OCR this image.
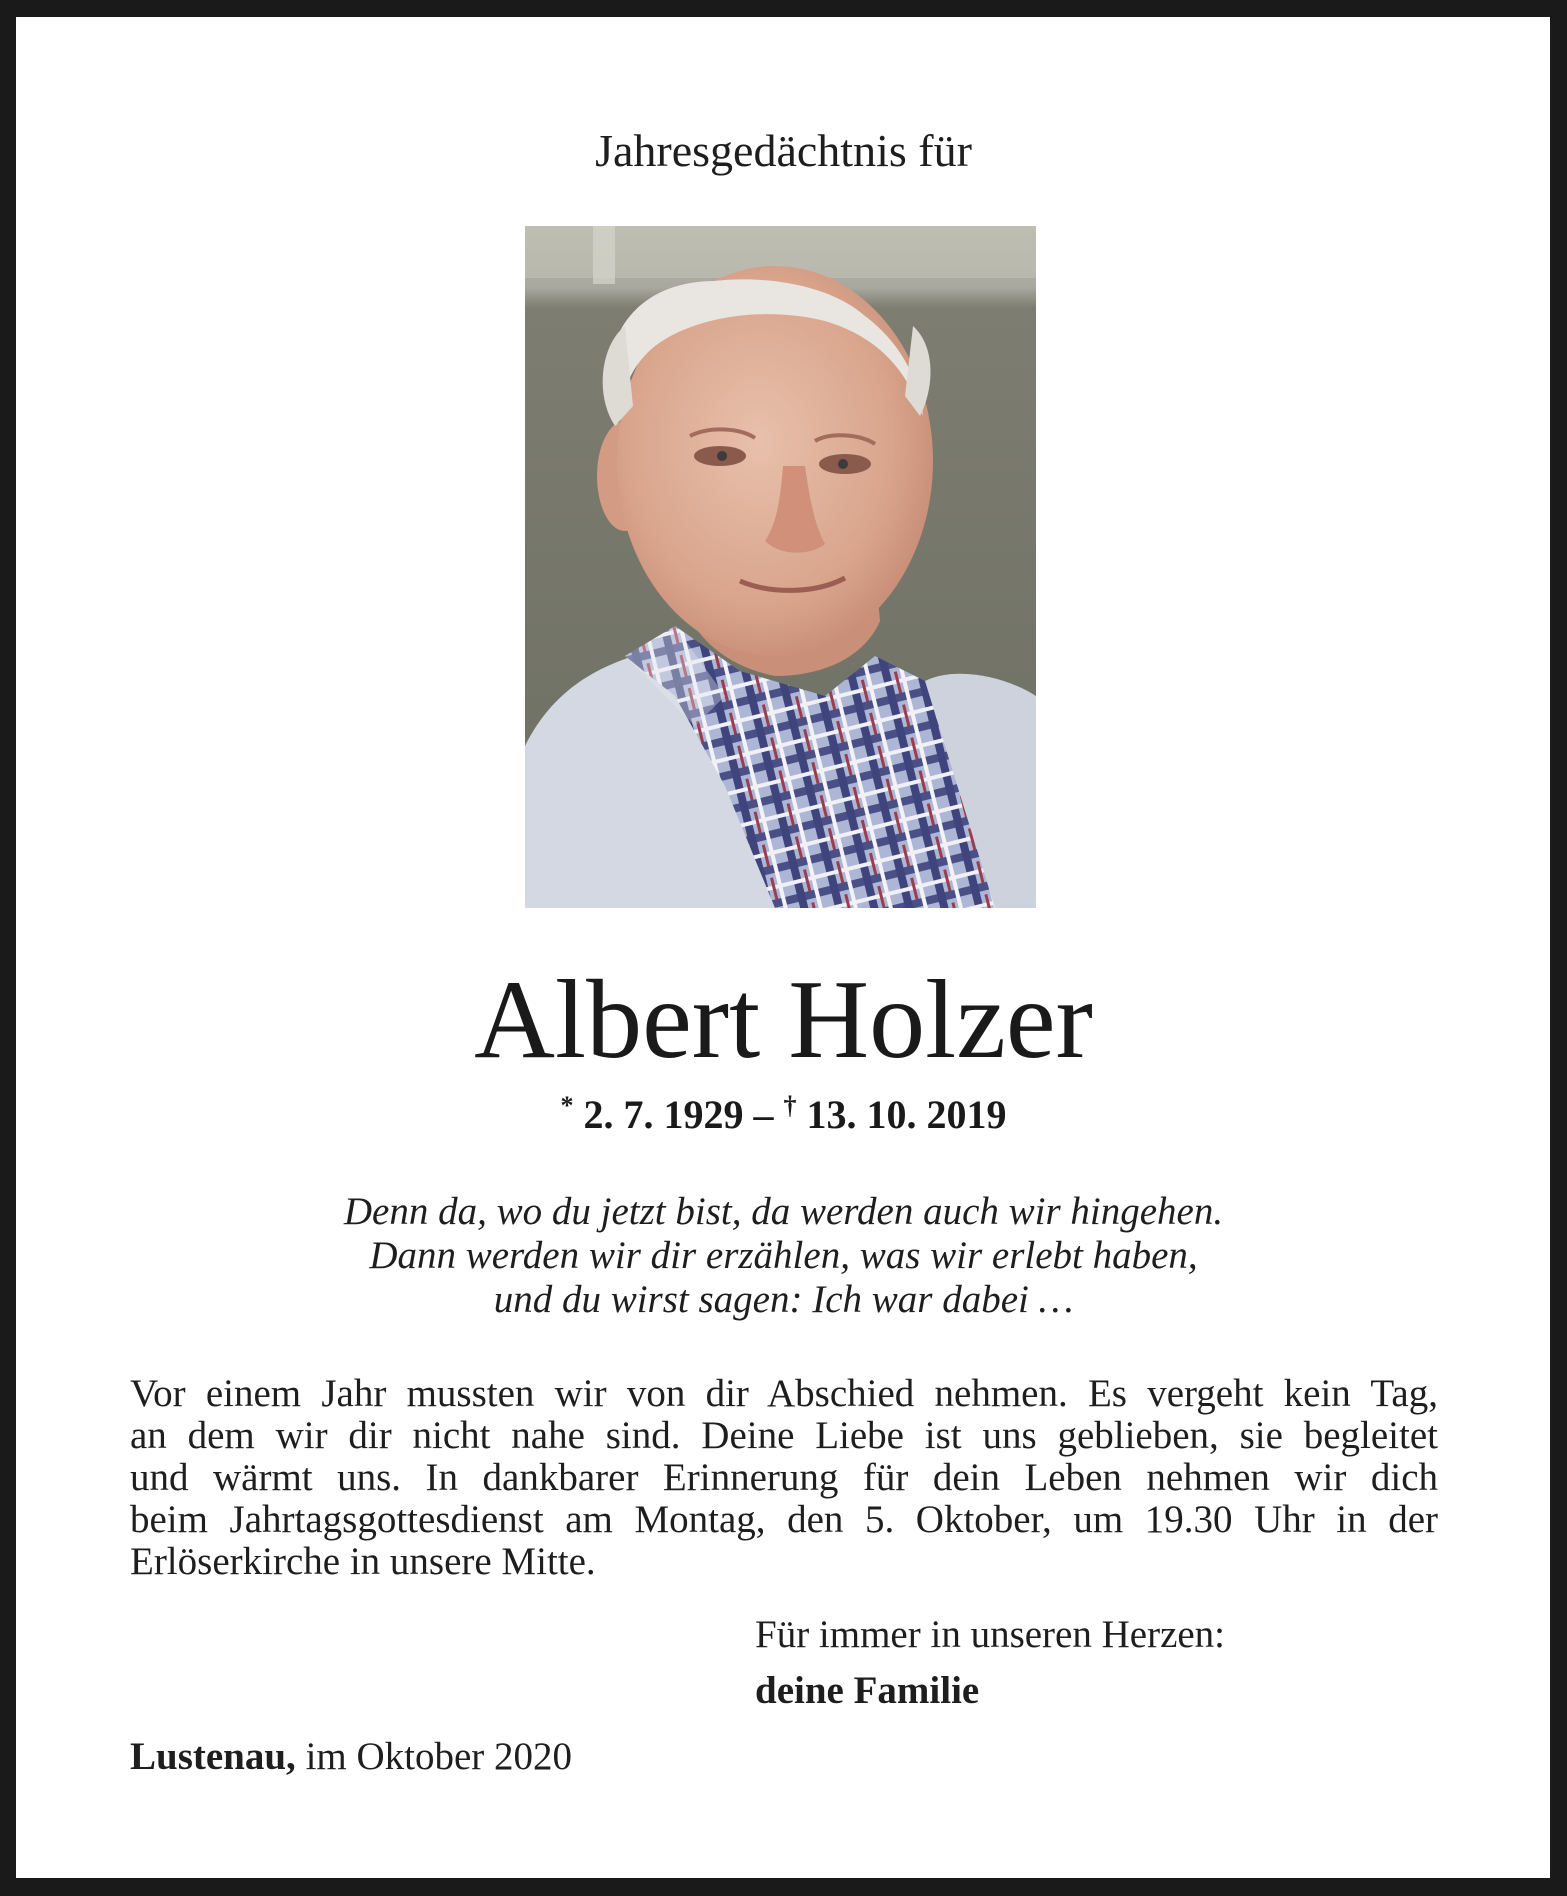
Jahresgedächtnis für
Albert Holzer
* 2. 7. 1929 – † 13. 10. 2019
Denn da, wo du jetzt bist, da werden auch wir hingehen.
Dann werden wir dir erzählen, was wir erlebt haben,
und du wirst sagen: Ich war dabei …
Vor einem Jahr mussten wir von dir Abschied nehmen. Es vergeht kein Tag,
an dem wir dir nicht nahe sind. Deine Liebe ist uns geblieben, sie begleitet
und wärmt uns. In dankbarer Erinnerung für dein Leben nehmen wir dich
beim Jahrtagsgottesdienst am Montag, den 5. Oktober, um 19.30 Uhr in der
Erlöserkirche in unsere Mitte.
Für immer in unseren Herzen:
deine Familie
Lustenau, im Oktober 2020
